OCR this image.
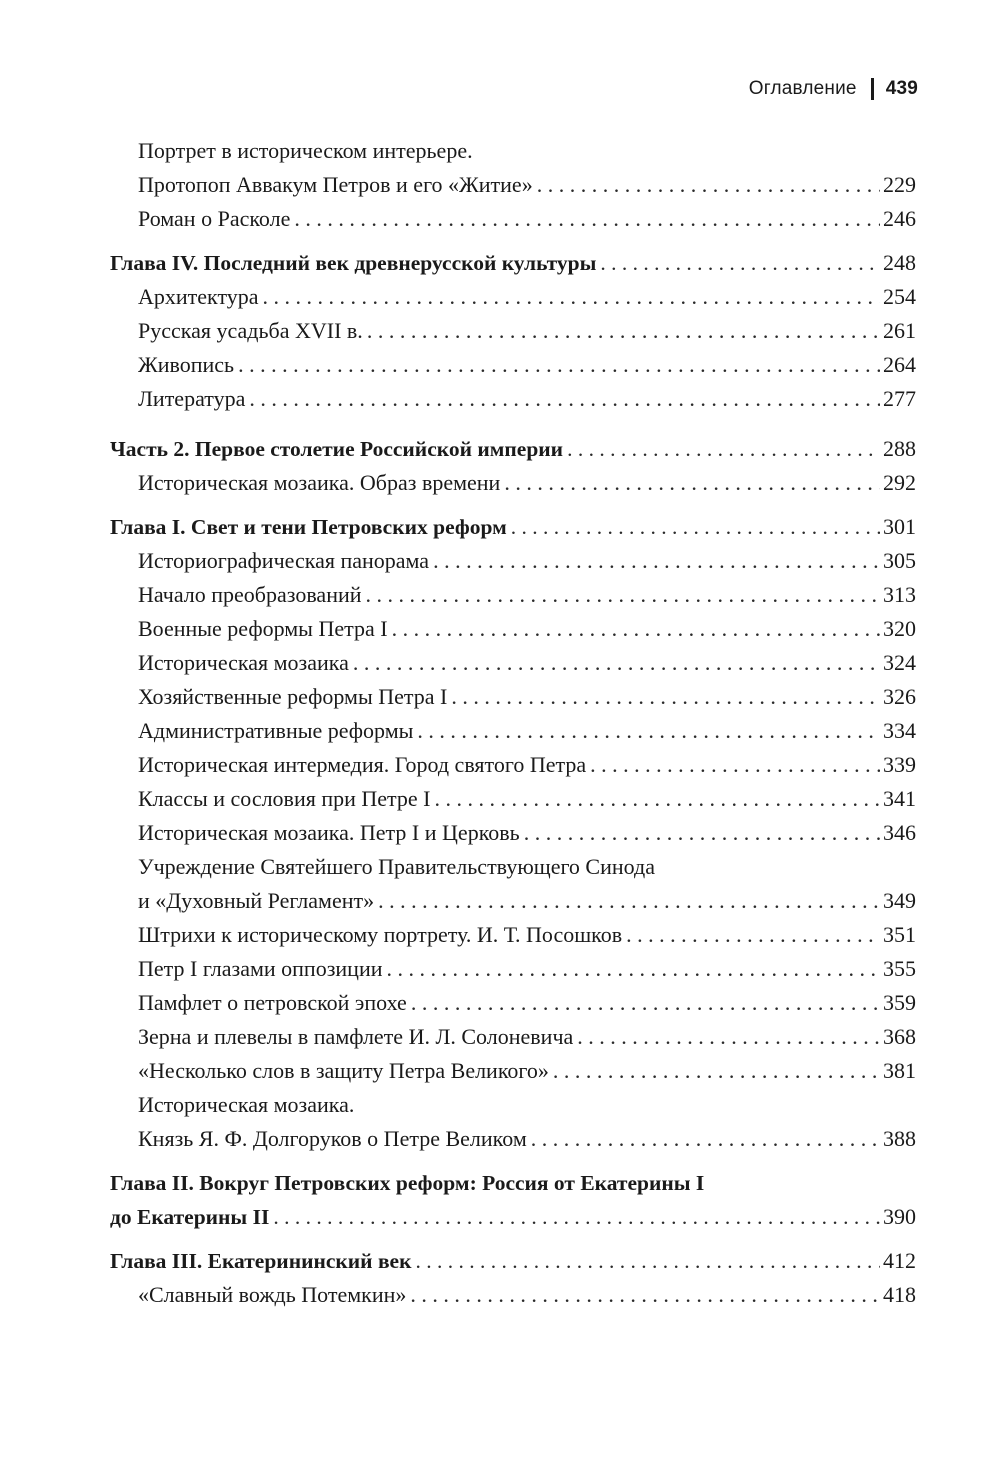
Оглавление 439
Портрет в историческом интерьере.
Протопоп Аввакум Петров и его «Житие» . . .	229
Роман о Расколе . . .	246
Глава IV. Последний век древнерусской культуры . . .	248
Архитектура . . .	254
Русская усадьба XVII в. . . .	261
Живопись . . .	264
Литература . . .	277
Часть 2. Первое столетие Российской империи . . .	288
Историческая мозаика. Образ времени . . .	292
Глава I. Свет и тени Петровских реформ . . .	301
Историографическая панорама . . .	305
Начало преобразований . . .	313
Военные реформы Петра I . . .	320
Историческая мозаика . . .	324
Хозяйственные реформы Петра I . . .	326
Административные реформы . . .	334
Историческая интермедия. Город святого Петра . . .	339
Классы и сословия при Петре I . . .	341
Историческая мозаика. Петр I и Церковь . . .	346
Учреждение Святейшего Правительствующего Синода
и «Духовный Регламент» . . .	349
Штрихи к историческому портрету. И. Т. Посошков . . .	351
Петр I глазами оппозиции . . .	355
Памфлет о петровской эпохе . . .	359
Зерна и плевелы в памфлете И. Л. Солоневича . . .	368
«Несколько слов в защиту Петра Великого» . . .	381
Историческая мозаика.
Князь Я. Ф. Долгоруков о Петре Великом . . .	388
Глава II. Вокруг Петровских реформ: Россия от Екатерины I
до Екатерины II . . .	390
Глава III. Екатерининский век . . .	412
«Славный вождь Потемкин» . . .	418
